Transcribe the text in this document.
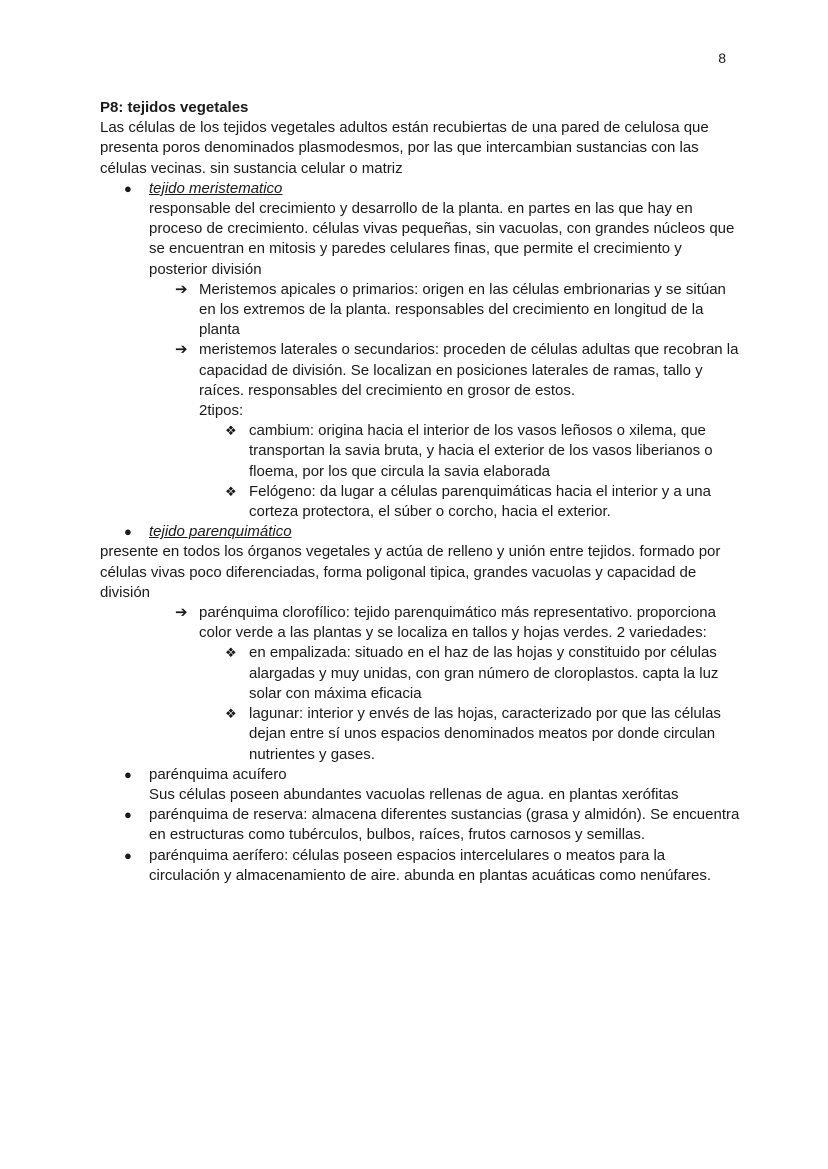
8

P8: tejidos vegetales

Las células de los tejidos vegetales adultos están recubiertas de una pared de celulosa que presenta poros denominados plasmodesmos, por las que intercambian sustancias con las células vecinas. sin sustancia celular o matriz

● tejido meristematico

responsable del crecimiento y desarrollo de la planta. en partes en las que hay en proceso de crecimiento. células vivas pequeñas, sin vacuolas, con grandes núcleos que se encuentran en mitosis y paredes celulares finas, que permite el crecimiento y posterior división

➔ Meristemos apicales o primarios: origen en las células embrionarias y se sitúan en los extremos de la planta. responsables del crecimiento en longitud de la planta
➔ meristemos laterales o secundarios: proceden de células adultas que recobran la capacidad de división. Se localizan en posiciones laterales de ramas, tallo y raíces. responsables del crecimiento en grosor de estos.

2tipos:

❖ cambium: origina hacia el interior de los vasos leñosos o xilema, que transportan la savia bruta, y hacia el exterior de los vasos liberianos o floema, por los que circula la savia elaborada
❖ Felógeno: da lugar a células parenquimáticas hacia el interior y a una corteza protectora, el súber o corcho, hacia el exterior.
● tejido parenquimático

presente en todos los órganos vegetales y actúa de relleno y unión entre tejidos. formado por células vivas poco diferenciadas, forma poligonal tipica, grandes vacuolas y capacidad de división

➔ parénquima clorofílico: tejido parenquimático más representativo. proporciona color verde a las plantas y se localiza en tallos y hojas verdes. 2 variedades:
❖ en empalizada: situado en el haz de las hojas y constituido por células alargadas y muy unidas, con gran número de cloroplastos. capta la luz solar con máxima eficacia
❖ lagunar: interior y envés de las hojas, caracterizado por que las células dejan entre sí unos espacios denominados meatos por donde circulan nutrientes y gases.
● parénquima acuífero

Sus células poseen abundantes vacuolas rellenas de agua. en plantas xerófitas

● parénquima de reserva: almacena diferentes sustancias (grasa y almidón). Se encuentra en estructuras como tubérculos, bulbos, raíces, frutos carnosos y semillas.
● parénquima aerífero: células poseen espacios intercelulares o meatos para la circulación y almacenamiento de aire. abunda en plantas acuáticas como nenúfares.
